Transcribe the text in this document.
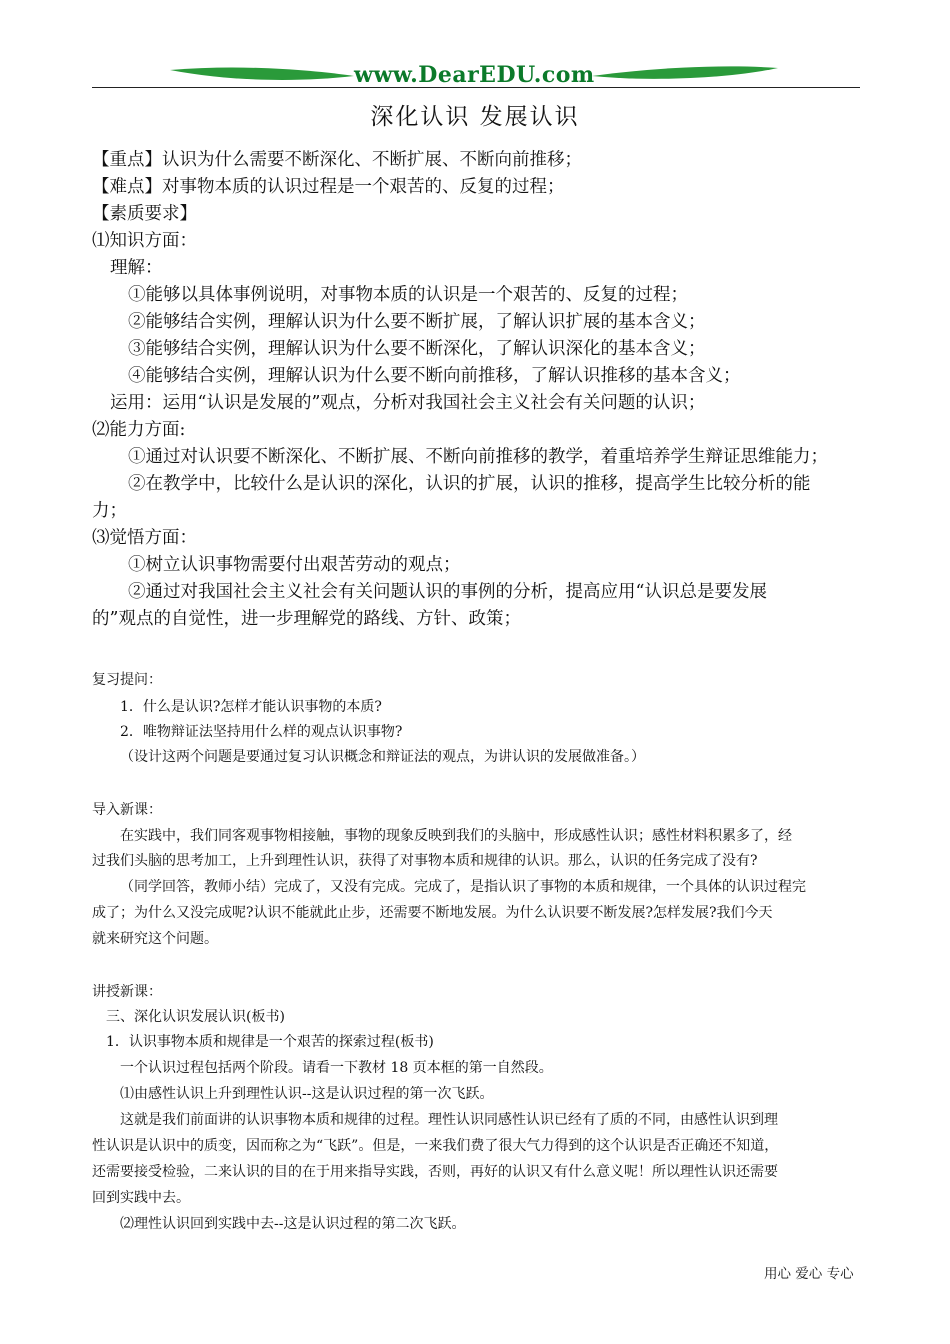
www.DearEDU.com
深化认识 发展认识
【重点】认识为什么需要不断深化、不断扩展、不断向前推移；
【难点】对事物本质的认识过程是一个艰苦的、反复的过程；
【素质要求】
⑴知识方面：
理解：
①能够以具体事例说明，对事物本质的认识是一个艰苦的、反复的过程；
②能够结合实例，理解认识为什么要不断扩展，了解认识扩展的基本含义；
③能够结合实例，理解认识为什么要不断深化，了解认识深化的基本含义；
④能够结合实例，理解认识为什么要不断向前推移，了解认识推移的基本含义；
运用：运用“认识是发展的”观点，分析对我国社会主义社会有关问题的认识；
⑵能力方面:
①通过对认识要不断深化、不断扩展、不断向前推移的教学，着重培养学生辩证思维能力；
②在教学中，比较什么是认识的深化，认识的扩展，认识的推移，提高学生比较分析的能
力；
⑶觉悟方面：
①树立认识事物需要付出艰苦劳动的观点；
②通过对我国社会主义社会有关问题认识的事例的分析，提高应用“认识总是要发展
的”观点的自觉性，进一步理解党的路线、方针、政策；
复习提问：
1．什么是认识?怎样才能认识事物的本质?
2．唯物辩证法坚持用什么样的观点认识事物?
（设计这两个问题是要通过复习认识概念和辩证法的观点，为讲认识的发展做准备。）
导入新课：
在实践中，我们同客观事物相接触，事物的现象反映到我们的头脑中，形成感性认识；感性材料积累多了，经
过我们头脑的思考加工，上升到理性认识，获得了对事物本质和规律的认识。那么，认识的任务完成了没有?
（同学回答，教师小结）完成了，又没有完成。完成了，是指认识了事物的本质和规律，一个具体的认识过程完
成了；为什么又没完成呢?认识不能就此止步，还需要不断地发展。为什么认识要不断发展?怎样发展?我们今天
就来研究这个问题。
讲授新课：
三、深化认识发展认识(板书)
1．认识事物本质和规律是一个艰苦的探索过程(板书)
一个认识过程包括两个阶段。请看一下教材 18 页本框的第一自然段。
⑴由感性认识上升到理性认识--这是认识过程的第一次飞跃。
这就是我们前面讲的认识事物本质和规律的过程。理性认识同感性认识已经有了质的不同，由感性认识到理
性认识是认识中的质变，因而称之为“飞跃”。但是，一来我们费了很大气力得到的这个认识是否正确还不知道，
还需要接受检验，二来认识的目的在于用来指导实践，否则，再好的认识又有什么意义呢！所以理性认识还需要
回到实践中去。
⑵理性认识回到实践中去--这是认识过程的第二次飞跃。
用心 爱心 专心
